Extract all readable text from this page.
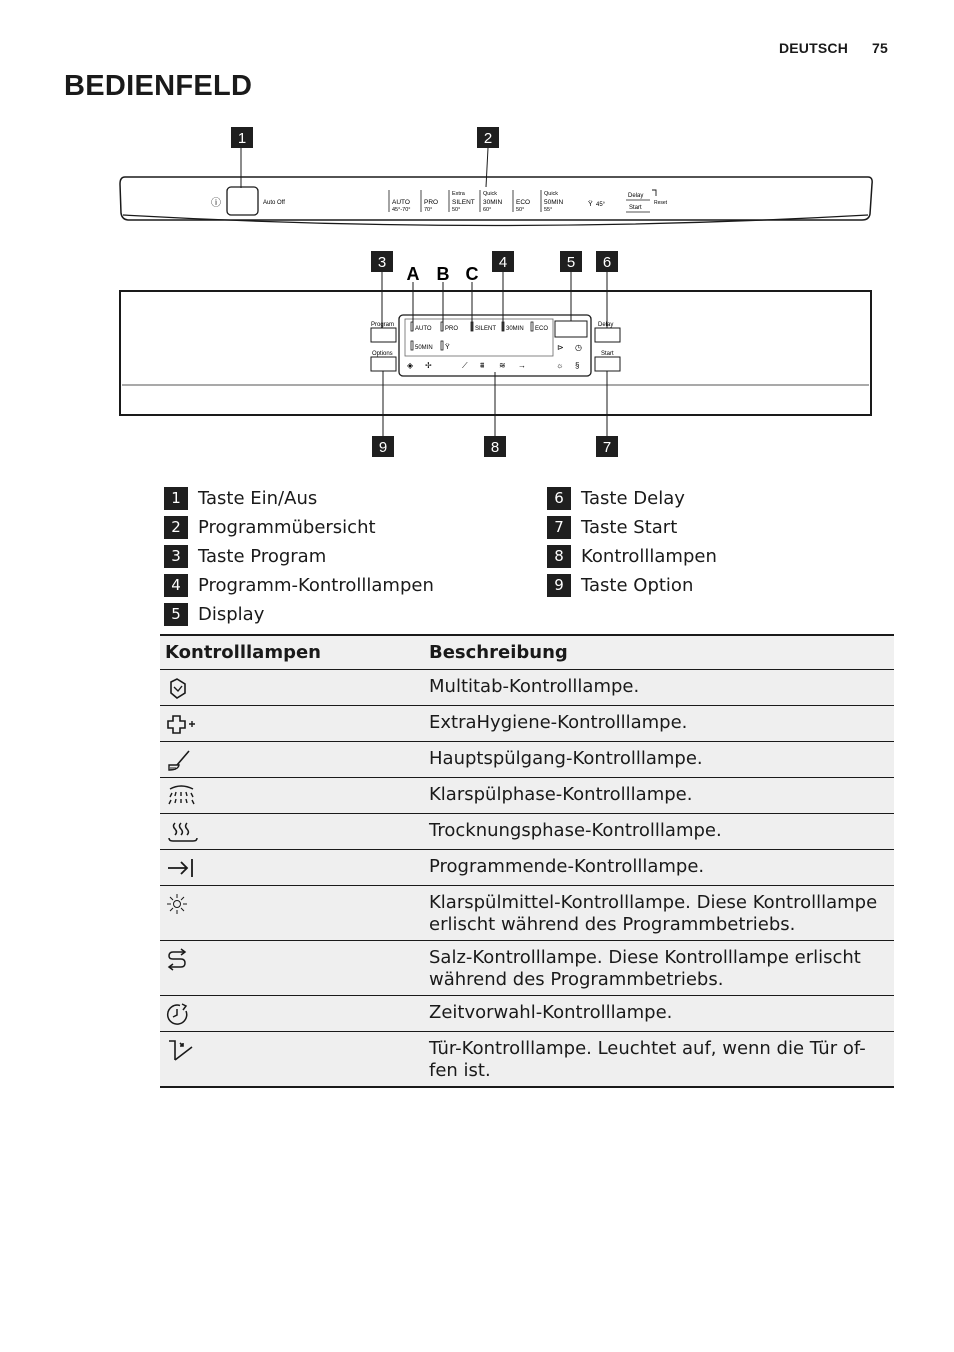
DEUTSCH 75
BEDIENFELD
ⓘ	Auto Off	AUTO
45°-70°
PRO
70°
Extra
SILENT
50°
Quick
30MIN
60°
ECO
50°
Quick
50MIN
55°
Ϋ 45°
Delay
Start
Reset
Program
Options
AUTO PRO	SILENT 30MIN ECO
50MIN Ϋ	⊳ ◷
☼ §
◈ ✢	⟋ ⩩ ≋ →
Delay
Start
1	2
3	4	5 6
7
8
9
A B C
1 Taste Ein/Aus
2 Programmübersicht
3 Taste Program
4 Programm-Kontrolllampen
5 Display
6 Taste Delay
7 Taste Start
8 Kontrolllampen
9 Taste Option
Kontrolllampen	Beschreibung

Multitab-Kontrolllampe.

ExtraHygiene-Kontrolllampe.

Hauptspülgang-Kontrolllampe.

Klarspülphase-Kontrolllampe.

Trocknungsphase-Kontrolllampe.

Programmende-Kontrolllampe.

Klarspülmittel-Kontrolllampe. Diese Kontrolllampe
erlischt während des Programmbetriebs.

Salz-Kontrolllampe. Diese Kontrolllampe erlischt
während des Programmbetriebs.

Zeitvorwahl-Kontrolllampe.

Tür-Kontrolllampe. Leuchtet auf, wenn die Tür of-
fen ist.
